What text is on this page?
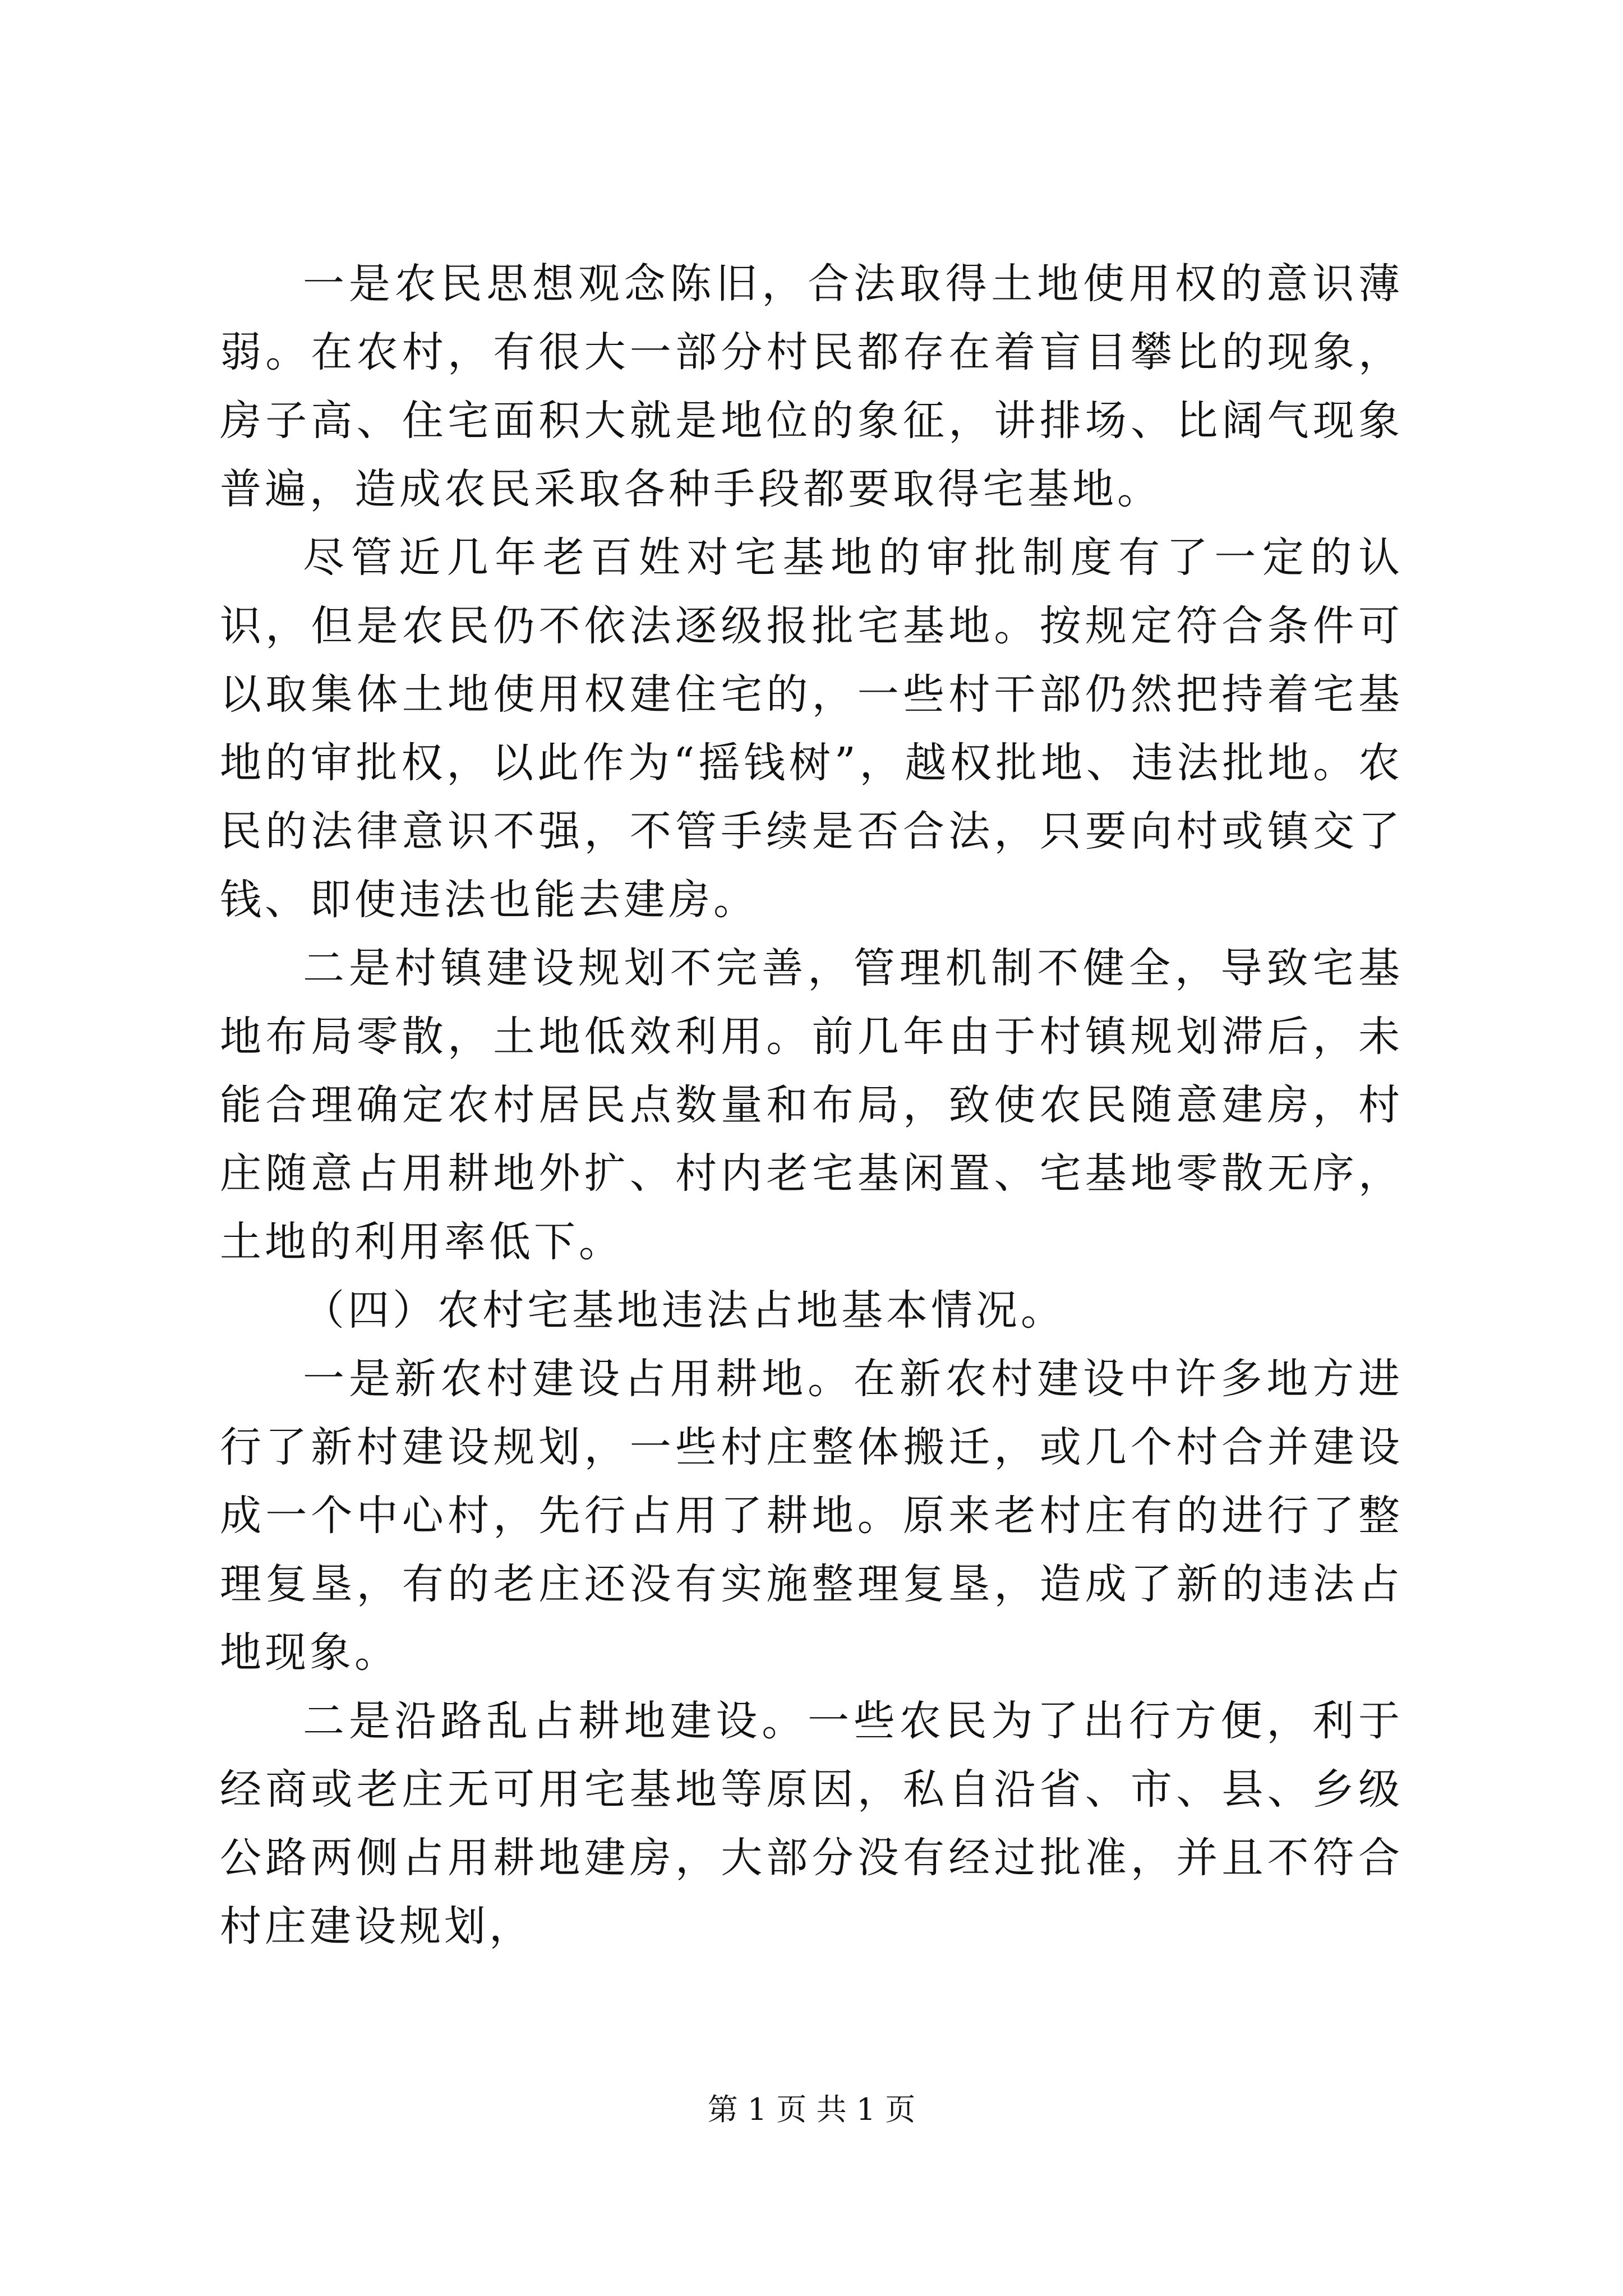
一是农民思想观念陈旧，合法取得土地使用权的意识薄弱。在农村，有很大一部分村民都存在着盲目攀比的现象，房子高、住宅面积大就是地位的象征，讲排场、比阔气现象普遍，造成农民采取各种手段都要取得宅基地。

尽管近几年老百姓对宅基地的审批制度有了一定的认识，但是农民仍不依法逐级报批宅基地。按规定符合条件可以取集体土地使用权建住宅的，一些村干部仍然把持着宅基地的审批权，以此作为“摇钱树”，越权批地、违法批地。农民的法律意识不强，不管手续是否合法，只要向村或镇交了钱、即使违法也能去建房。

二是村镇建设规划不完善，管理机制不健全，导致宅基地布局零散，土地低效利用。前几年由于村镇规划滞后，未能合理确定农村居民点数量和布局，致使农民随意建房，村庄随意占用耕地外扩、村内老宅基闲置、宅基地零散无序，土地的利用率低下。

（四）农村宅基地违法占地基本情况。

一是新农村建设占用耕地。在新农村建设中许多地方进行了新村建设规划，一些村庄整体搬迁，或几个村合并建设成一个中心村，先行占用了耕地。原来老村庄有的进行了整理复垦，有的老庄还没有实施整理复垦，造成了新的违法占地现象。

二是沿路乱占耕地建设。一些农民为了出行方便，利于经商或老庄无可用宅基地等原因，私自沿省、市、县、乡级公路两侧占用耕地建房，大部分没有经过批准，并且不符合村庄建设规划，

第 1 页 共 1 页
